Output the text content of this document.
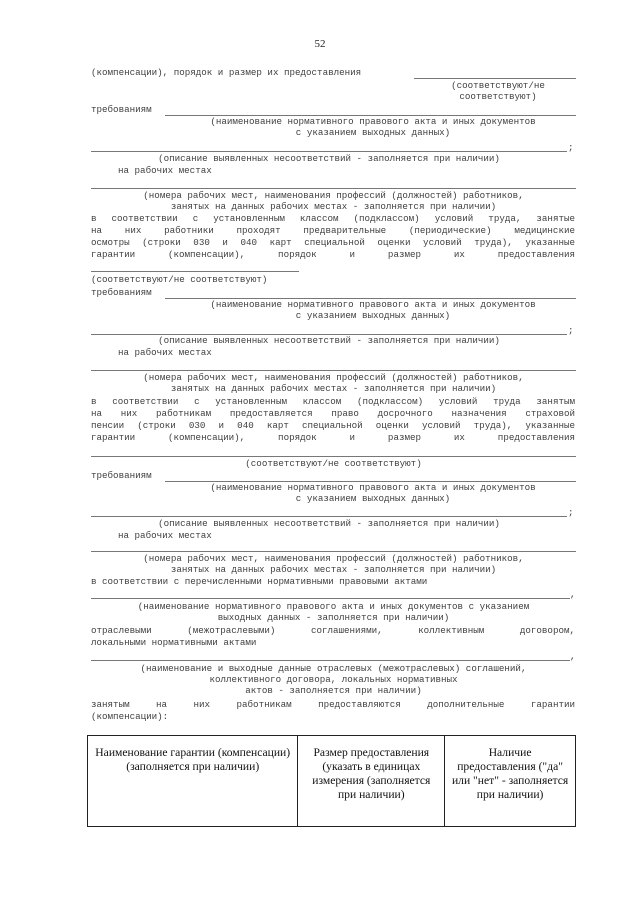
52
(компенсации), порядок и размер их предоставления
(соответствуют/не
соответствуют)
требованиям
(наименование нормативного правового акта и иных документов
с указанием выходных данных)
;
(описание выявленных несоответствий - заполняется при наличии)
на рабочих местах
(номера рабочих мест, наименования профессий (должностей) работников,
занятых на данных рабочих местах - заполняется при наличии)
в соответствии с установленным классом (подклассом) условий труда, занятые
на них работники проходят предварительные (периодические) медицинские
осмотры (строки 030 и 040 карт специальной оценки условий труда), указанные
гарантии (компенсации), порядок и размер их предоставления
(соответствуют/не соответствуют)
требованиям
(наименование нормативного правового акта и иных документов
с указанием выходных данных)
;
(описание выявленных несоответствий - заполняется при наличии)
на рабочих местах
(номера рабочих мест, наименования профессий (должностей) работников,
занятых на данных рабочих местах - заполняется при наличии)
в соответствии с установленным классом (подклассом) условий труда занятым
на них работникам предоставляется право досрочного назначения страховой
пенсии (строки 030 и 040 карт специальной оценки условий труда), указанные
гарантии (компенсации), порядок и размер их предоставления
(соответствуют/не соответствуют)
требованиям
(наименование нормативного правового акта и иных документов
с указанием выходных данных)
;
(описание выявленных несоответствий - заполняется при наличии)
на рабочих местах
(номера рабочих мест, наименования профессий (должностей) работников,
занятых на данных рабочих местах - заполняется при наличии)
в соответствии с перечисленными нормативными правовыми актами
,
(наименование нормативного правового акта и иных документов с указанием
выходных данных - заполняется при наличии)
отраслевыми (межотраслевыми) соглашениями, коллективным договором,
локальными нормативными актами
,
(наименование и выходные данные отраслевых (межотраслевых) соглашений,
коллективного договора, локальных нормативных
актов - заполняется при наличии)
занятым на них работникам предоставляются дополнительные гарантии
(компенсации):
Наименование гарантии (компенсации) (заполняется при наличии)	Размер предоставления (указать в единицах измерения (заполняется при наличии)	Наличие предоставления ("да" или "нет" - заполняется при наличии)
